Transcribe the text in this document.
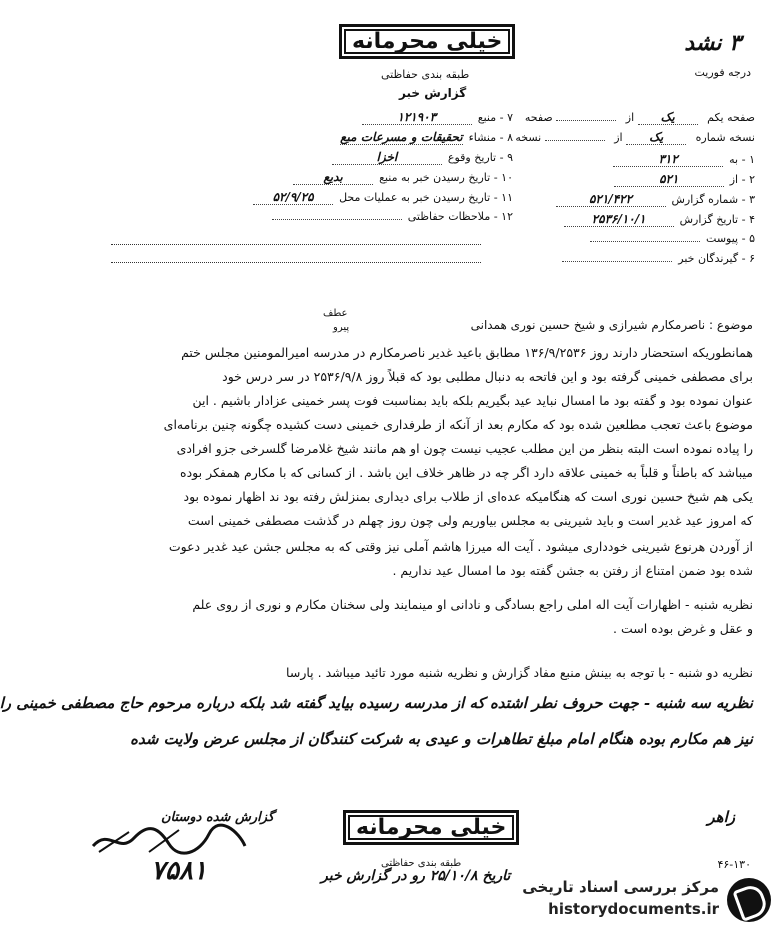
خیلی محرمانه
طبقه بندی حفاظتی
گزارش خبر
۳ نشد
درجه فوریت
صفحه یکم یک از  صفحه
نسخه شماره یک از  نسخه
۱ - به۳۱۲
۲ - از۵۲۱
۳ - شماره گزارش۵۲۱/۴۲۲
۴ - تاریخ گزارش۲۵۳۶/۱۰/۱
۵ - پیوست
۶ - گیرندگان خبر
۷ - منبع۱۲۱۹۰۳
۸ - منشاءتحقیقات و مسرعات مبع
۹ - تاریخ وقوعاخزا
۱۰ - تاریخ رسیدن خبر به منبعبدیع
۱۱ - تاریخ رسیدن خبر به عملیات محل۵۲/۹/۲۵
۱۲ - ملاحظات حفاظتی
عطف
پیرو	موضوع : ناصرمکارم شیرازی و شیخ حسین نوری همدانی
همانطوریکه استحضار دارند روز ۱۳۶/۹/۲۵۳۶ مطابق باعید غدیر ناصرمکارم در مدرسه امیرالمومنین مجلس ختم
برای مصطفی خمینی گرفته بود و این فاتحه به دنبال مطلبی بود که قبلاً روز ۲۵۳۶/۹/۸ در سر درس خود
عنوان نموده بود و گفته بود ما امسال نباید عید بگیریم بلکه باید بمناسبت فوت پسر خمینی عزادار باشیم . این
موضوع باعث تعجب مطلعین شده بود که مکارم بعد از آنکه از طرفداری خمینی دست کشیده چگونه چنین برنامه‌ای
را پیاده نموده است البته بنظر من این مطلب عجیب نیست چون او هم مانند شیخ غلامرضا گلسرخی جزو افرادی
میباشد که باطناً و قلباً به خمینی علاقه دارد اگر چه در ظاهر خلاف این باشد . از کسانی که با مکارم همفکر بوده
یکی هم شیخ حسین نوری است که هنگامیکه عده‌ای از طلاب برای دیداری بمنزلش رفته بود ند اظهار نموده بود
که امروز عید غدیر است و باید شیرینی به مجلس بیاوریم ولی چون روز چهلم در گذشت مصطفی خمینی است
از آوردن هرنوع شیرینی خودداری میشود . آیت اله میرزا هاشم آملی نیز وقتی که به مجلس جشن عید غدیر دعوت
شده بود ضمن امتناع از رفتن به جشن گفته بود ما امسال عید نداریم .
نظریه شنبه - اظهارات آیت اله املی راجع بسادگی و نادانی او مینمایند ولی سخنان مکارم و نوری از روی علم
و عقل و غرض بوده است .
نظریه دو شنبه - با توجه به بینش منبع مفاد گزارش و نظریه شنبه مورد تائید میباشد . پارسا
نظریه سه شنبه - جهت حروف نطر اشتده که از مدرسه رسیده بیاید گفته شد بلکه درباره مرحوم حاج مصطفی خمینی را
نیز هم مکارم بوده هنگام امام مبلغ تطاهرات و عیدی به شرکت کنندگان از مجلس عرض ولایت شده
زاهر
خیلی محرمانه
طبقه بندی حفاظتی
گزارش شده دوستان
۷۵۸۱	تاریخ ۲۵/۱۰/۸ رو در گزارش خبر
۴۶-۱۳۰
مرکز بررسی اسناد تاریخی
historydocuments.ir
